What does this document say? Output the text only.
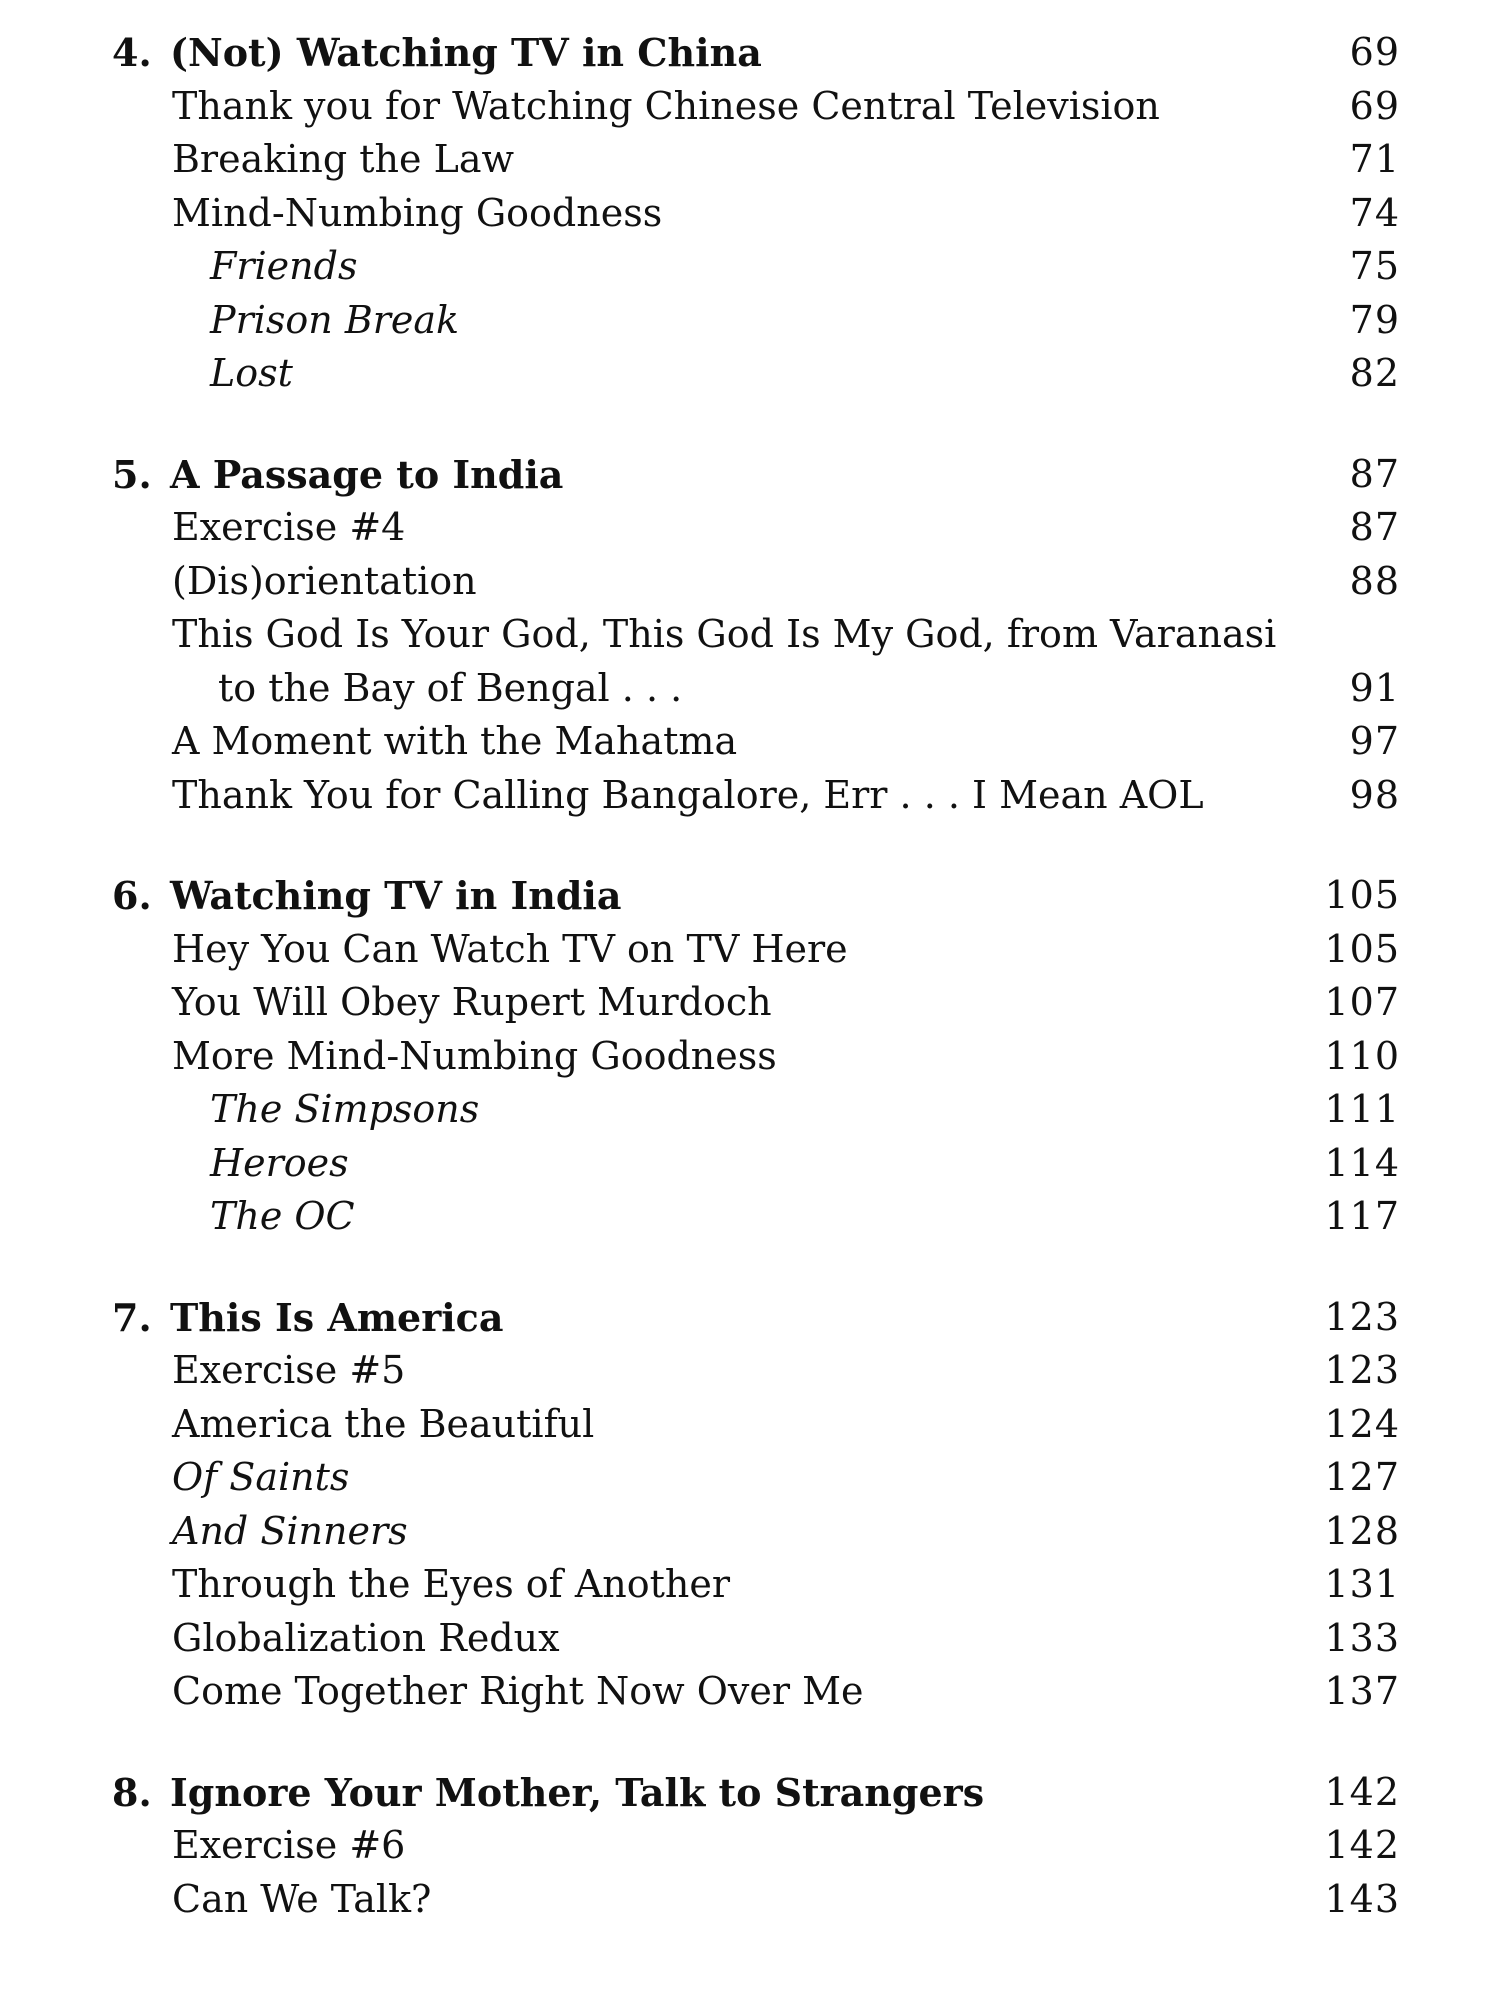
4. (Not) Watching TV in China	69
Thank you for Watching Chinese Central Television	69
Breaking the Law	71
Mind-Numbing Goodness	74
Friends	75
Prison Break	79
Lost	82
5. A Passage to India	87
Exercise #4	87
(Dis)orientation	88
This God Is Your God, This God Is My God, from Varanasi
to the Bay of Bengal . . .	91
A Moment with the Mahatma	97
Thank You for Calling Bangalore, Err . . . I Mean AOL	98
6. Watching TV in India	105
Hey You Can Watch TV on TV Here	105
You Will Obey Rupert Murdoch	107
More Mind-Numbing Goodness	110
The Simpsons	111
Heroes	114
The OC	117
7. This Is America	123
Exercise #5	123
America the Beautiful	124
Of Saints	127
And Sinners	128
Through the Eyes of Another	131
Globalization Redux	133
Come Together Right Now Over Me	137
8. Ignore Your Mother, Talk to Strangers	142
Exercise #6	142
Can We Talk?	143
